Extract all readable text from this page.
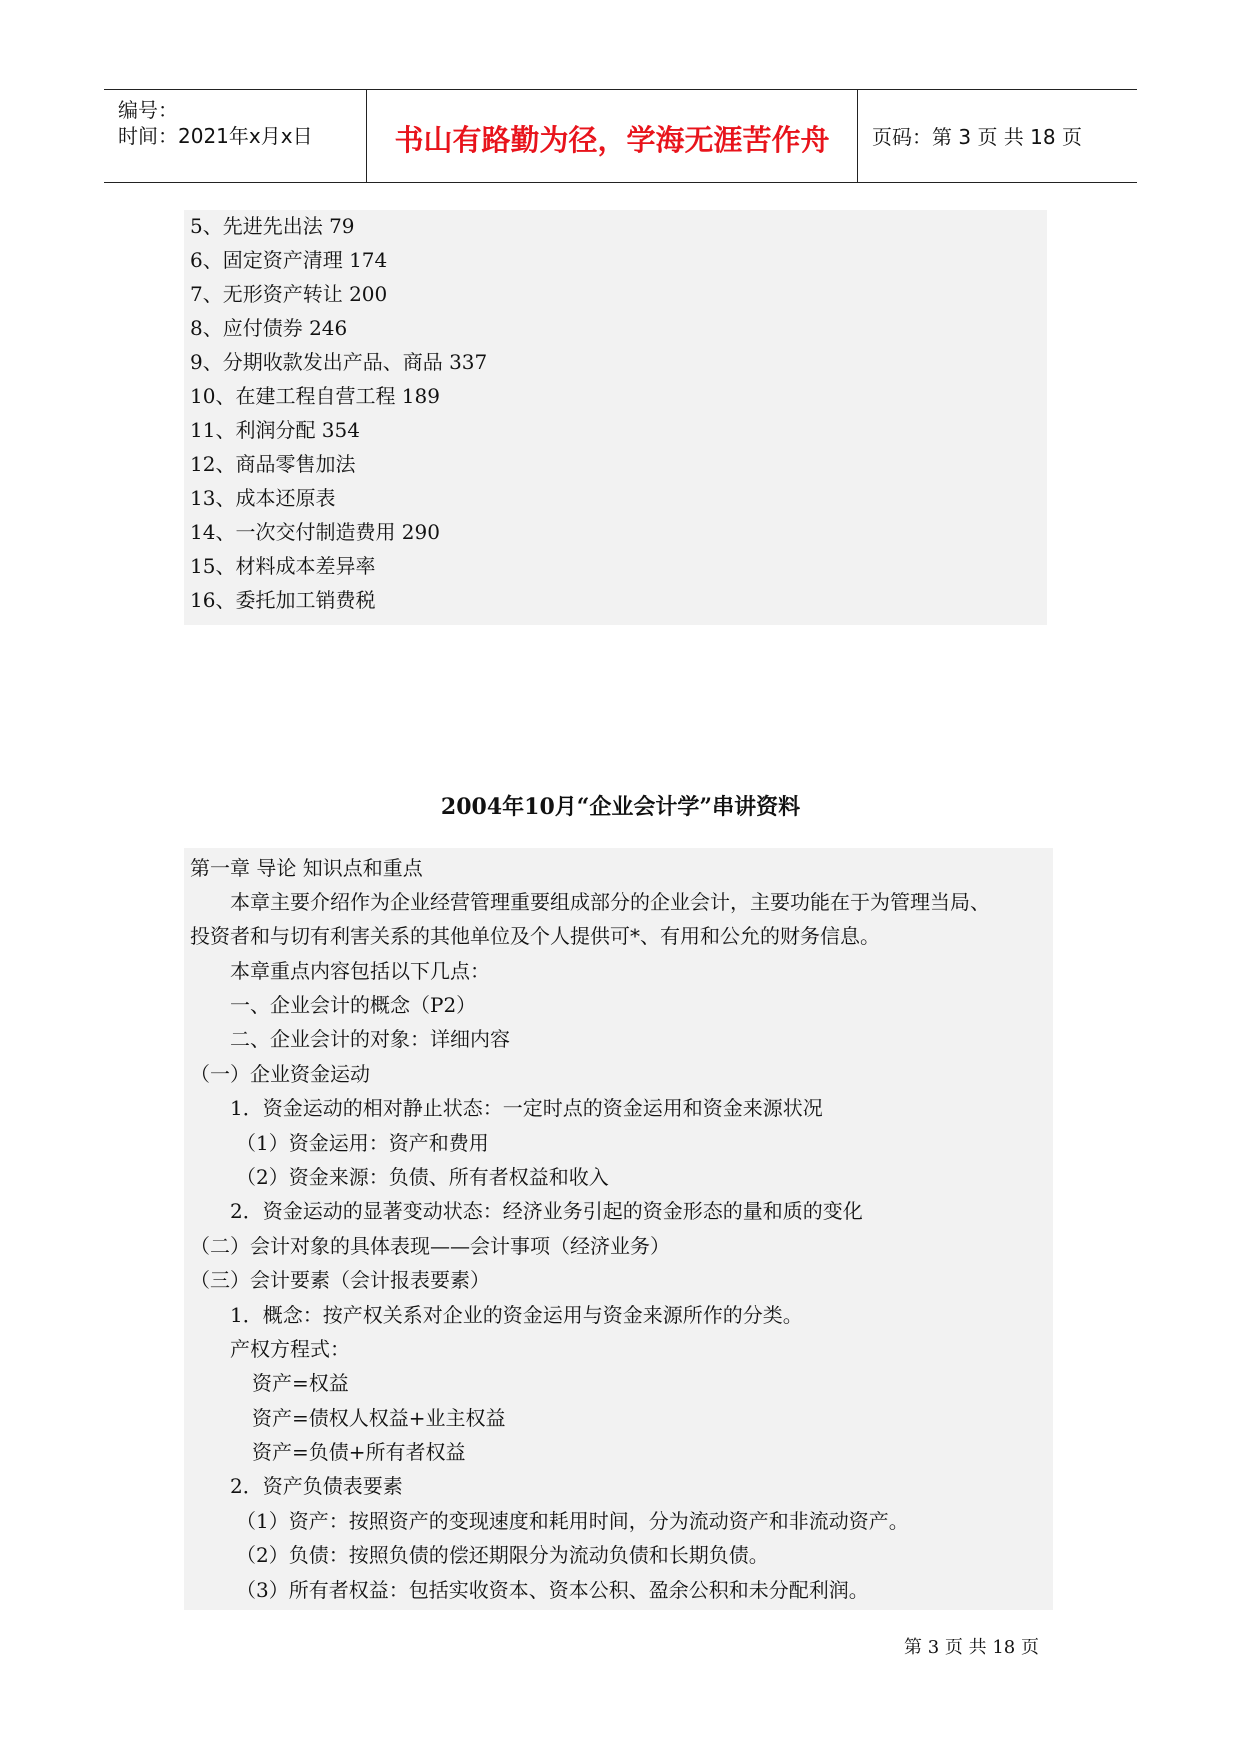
编号：
时间：2021年x月x日	书山有路勤为径，学海无涯苦作舟	页码：第 3 页 共 18 页
5、先进先出法 79
6、固定资产清理 174
7、无形资产转让 200
8、应付债券 246
9、分期收款发出产品、商品 337
10、在建工程自营工程 189
11、利润分配 354
12、商品零售加法
13、成本还原表
14、一次交付制造费用 290
15、材料成本差异率
16、委托加工销费税
2004年10月“企业会计学”串讲资料
第一章 导论 知识点和重点
本章主要介绍作为企业经营管理重要组成部分的企业会计，主要功能在于为管理当局、
投资者和与切有利害关系的其他单位及个人提供可*、有用和公允的财务信息。
本章重点内容包括以下几点：
一、企业会计的概念（P2）
二、企业会计的对象：详细内容
（一）企业资金运动
1．资金运动的相对静止状态：一定时点的资金运用和资金来源状况
（1）资金运用：资产和费用
（2）资金来源：负债、所有者权益和收入
2．资金运动的显著变动状态：经济业务引起的资金形态的量和质的变化
（二）会计对象的具体表现——会计事项（经济业务）
（三）会计要素（会计报表要素）
1．概念：按产权关系对企业的资金运用与资金来源所作的分类。
产权方程式：
资产=权益
资产=债权人权益+业主权益
资产=负债+所有者权益
2．资产负债表要素
（1）资产：按照资产的变现速度和耗用时间，分为流动资产和非流动资产。
（2）负债：按照负债的偿还期限分为流动负债和长期负债。
（3）所有者权益：包括实收资本、资本公积、盈余公积和未分配利润。
第 3 页 共 18 页
